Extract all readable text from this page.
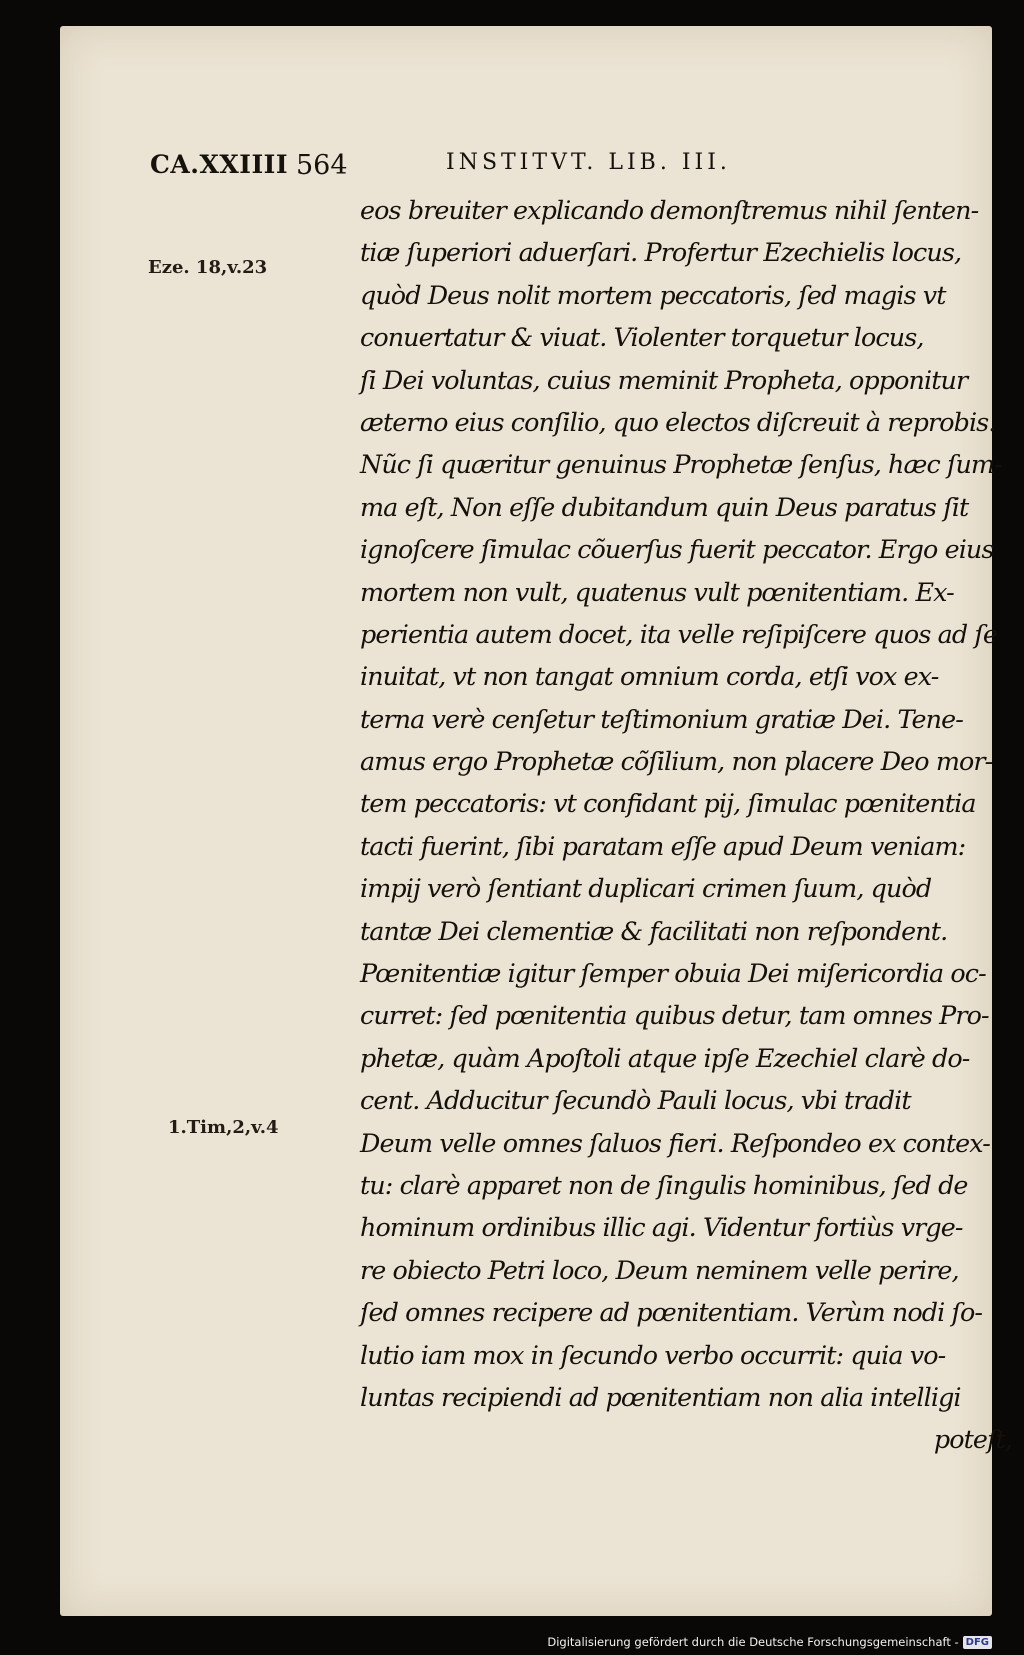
CA.XXIIII 564	INSTITVT. LIB. III.
Eze. 18,v.23
1.Tim,2,v.4
eos breuiter explicando demonſtremus nihil ſenten-
tiæ ſuperiori aduerſari. Profertur Ezechielis locus,
quòd Deus nolit mortem peccatoris, ſed magis vt
conuertatur & viuat. Violenter torquetur locus,
ſi Dei voluntas, cuius meminit Propheta, opponitur
æterno eius conſilio, quo electos diſcreuit à reprobis.
Nũc ſi quæritur genuinus Prophetæ ſenſus, hæc ſum-
ma eſt, Non eſſe dubitandum quin Deus paratus ſit
ignoſcere ſimulac cõuerſus fuerit peccator. Ergo eius
mortem non vult, quatenus vult pœnitentiam. Ex-
perientia autem docet, ita velle reſipiſcere quos ad ſe
inuitat, vt non tangat omnium corda, etſi vox ex-
terna verè cenſetur teſtimonium gratiæ Dei. Tene-
amus ergo Prophetæ cõſilium, non placere Deo mor-
tem peccatoris: vt confidant pij, ſimulac pœnitentia
tacti fuerint, ſibi paratam eſſe apud Deum veniam:
impij verò ſentiant duplicari crimen ſuum, quòd
tantæ Dei clementiæ & facilitati non reſpondent.
Pœnitentiæ igitur ſemper obuia Dei miſericordia oc-
curret: ſed pœnitentia quibus detur, tam omnes Pro-
phetæ, quàm Apoſtoli atque ipſe Ezechiel clarè do-
cent. Adducitur ſecundò Pauli locus, vbi tradit
Deum velle omnes ſaluos fieri. Reſpondeo ex contex-
tu: clarè apparet non de ſingulis hominibus, ſed de
hominum ordinibus illic agi. Videntur fortiùs vrge-
re obiecto Petri loco, Deum neminem velle perire,
ſed omnes recipere ad pœnitentiam. Verùm nodi ſo-
lutio iam mox in ſecundo verbo occurrit: quia vo-
luntas recipiendi ad pœnitentiam non alia intelligi
poteſt,
Digitalisierung gefördert durch die Deutsche Forschungsgemeinschaft - DFG
